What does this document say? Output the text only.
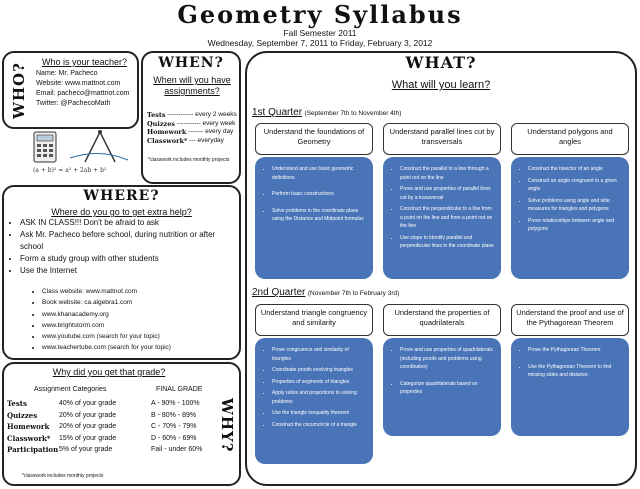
Geometry Syllabus
Fall Semester 2011
Wednesday, September 7, 2011 to Friday, February 3, 2012
WHO?
Who is your teacher?
Name: Mr. Pacheco
Website: www.mattnot.com
Email: pacheco@mattnot.com
Twitter: @PachecoMath
(a + b)² = a² + 2ab + b²
WHEN?
When will you have assignments?
Tests ------------ every 2 weeks
Quizzes ----------- every week
Homework ------- every day
Classwork* --- everyday
*classwork includes monthly projects
WHERE?
Where do you go to get extra help?
• ASK IN CLASS!!! Don't be afraid to ask
• Ask Mr. Pacheco before school, during nutrition or after school
• Form a study group with other students
• Use the Internet
• Class website: www.mattnot.com
• Book website: ca.algebra1.com
• www.khanacademy.org
• www.brightstorm.com
• www.youtube.com (search for your topic)
• www.teachertube.com (search for your topic)
Why did you get that grade?
Assignment Categories	FINAL GRADE
Tests	40% of your grade	A - 90% - 100%
Quizzes	20% of your grade	B - 80% - 89%
Homework	20% of your grade	C - 70% - 79%
Classwork*	15% of your grade	D - 60% - 69%
Participation 5% of your grade	Fail - under 60%
*classwork includes monthly projects
WHY?
WHAT?
What will you learn?
1st Quarter (September 7th to November 4th)
Understand the foundations of Geometry
Understand parallel lines cut by transversals
Understand polygons and angles
• Understand and use basic geometric definitions
• Perform basic constructions
• Solve problems in the coordinate plane using the Distance and Midpoint formulas
• Construct the parallel to a line through a point not on the line
• Prove and use properties of parallel lines cut by a transversal
• Construct the perpendicular to a line from a point on the line and from a point not on the line
• Use slope to identify parallel and perpendicular lines in the coordinate plane
• Construct the bisector of an angle
• Construct an angle congruent to a given angle
• Solve problems using angle and side measures for triangles and polygons
• Prove relationships between angle and polygons
2nd Quarter (November 7th to February 3rd)
Understand triangle congruency and similarity
Understand the properties of quadrilaterals
Understand the proof and use of the Pythagorean Theorem
• Prove congruence and similarity of triangles
• Coordinate proofs involving triangles
• Properties of segments of triangles
• Apply ratios and proportions to solving problems
• Use the triangle inequality theorem
• Construct the circumcircle of a triangle
• Prove and use properties of quadrilaterals (including proofs and problems using coordinates)
• Categorize quadrilaterals based on properties
• Prove the Pythagorean Theorem
• Use the Pythagorean Theorem to find missing sides and distance
